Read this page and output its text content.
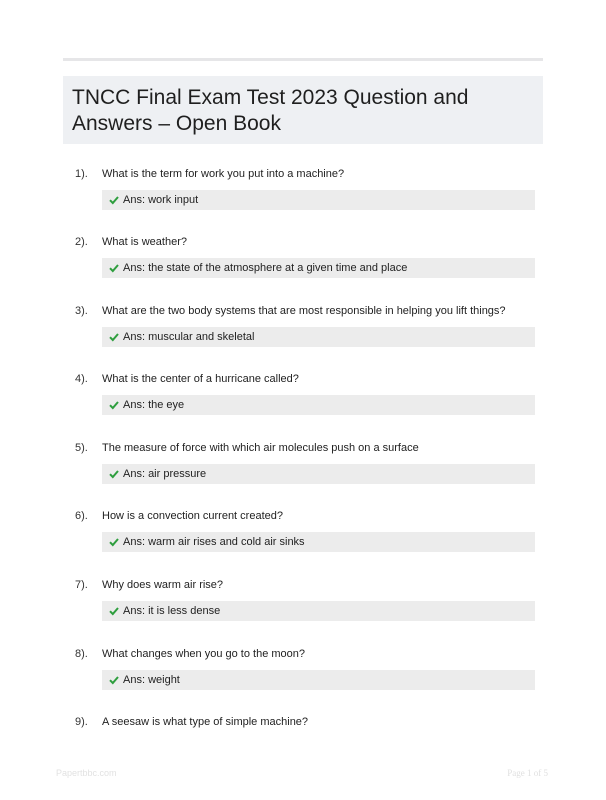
TNCC Final Exam Test 2023 Question and Answers – Open Book
1). What is the term for work you put into a machine?
Ans: work input
2). What is weather?
Ans: the state of the atmosphere at a given time and place
3). What are the two body systems that are most responsible in helping you lift things?
Ans: muscular and skeletal
4). What is the center of a hurricane called?
Ans: the eye
5). The measure of force with which air molecules push on a surface
Ans: air pressure
6). How is a convection current created?
Ans: warm air rises and cold air sinks
7). Why does warm air rise?
Ans: it is less dense
8). What changes when you go to the moon?
Ans: weight
9). A seesaw is what type of simple machine?
Papertbbc.com	Page 1 of 5
